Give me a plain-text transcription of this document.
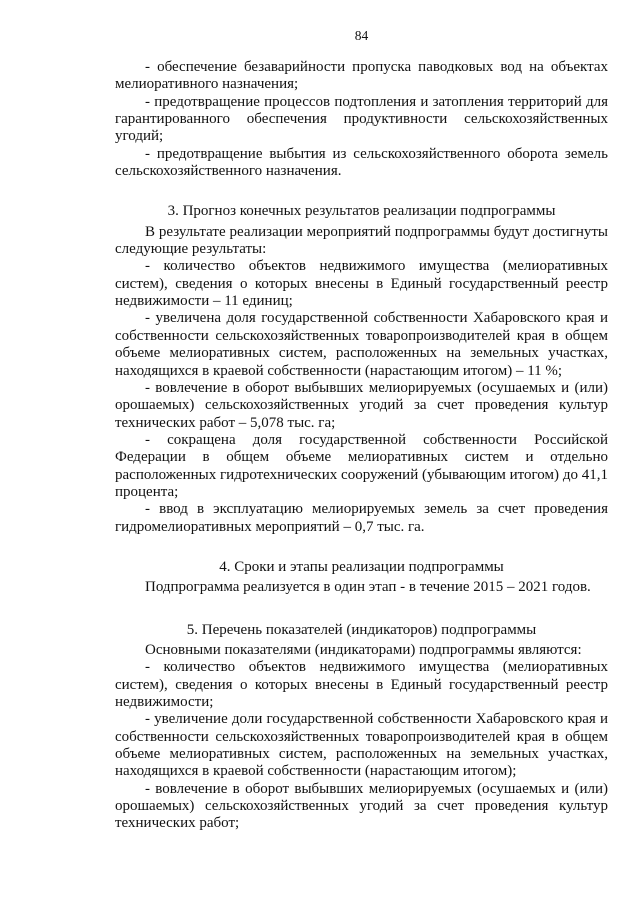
84

- обеспечение безаварийности пропуска паводковых вод на объектах мелиоративного назначения;

- предотвращение процессов подтопления и затопления территорий для гарантированного обеспечения продуктивности сельскохозяйственных угодий;

- предотвращение выбытия из сельскохозяйственного оборота земель сельскохозяйственного назначения.

3. Прогноз конечных результатов реализации подпрограммы

В результате реализации мероприятий подпрограммы будут достигнуты следующие результаты:

- количество объектов недвижимого имущества (мелиоративных систем), сведения о которых внесены в Единый государственный реестр недвижимости – 11 единиц;

- увеличена доля государственной собственности Хабаровского края и собственности сельскохозяйственных товаропроизводителей края в общем объеме мелиоративных систем, расположенных на земельных участках, находящихся в краевой собственности (нарастающим итогом) – 11 %;

- вовлечение в оборот выбывших мелиорируемых (осушаемых и (или) орошаемых) сельскохозяйственных угодий за счет проведения культур технических работ – 5,078 тыс. га;

- сокращена доля государственной собственности Российской Федерации в общем объеме мелиоративных систем и отдельно расположенных гидротехнических сооружений (убывающим итогом) до 41,1 процента;

- ввод в эксплуатацию мелиорируемых земель за счет проведения гидромелиоративных мероприятий – 0,7 тыс. га.

4. Сроки и этапы реализации подпрограммы

Подпрограмма реализуется в один этап - в течение 2015 – 2021 годов.

5. Перечень показателей (индикаторов) подпрограммы

Основными показателями (индикаторами) подпрограммы являются:

- количество объектов недвижимого имущества (мелиоративных систем), сведения о которых внесены в Единый государственный реестр недвижимости;

- увеличение доли государственной собственности Хабаровского края и собственности сельскохозяйственных товаропроизводителей края в общем объеме мелиоративных систем, расположенных на земельных участках, находящихся в краевой собственности (нарастающим итогом);

- вовлечение в оборот выбывших мелиорируемых (осушаемых и (или) орошаемых) сельскохозяйственных угодий за счет проведения культур технических работ;
